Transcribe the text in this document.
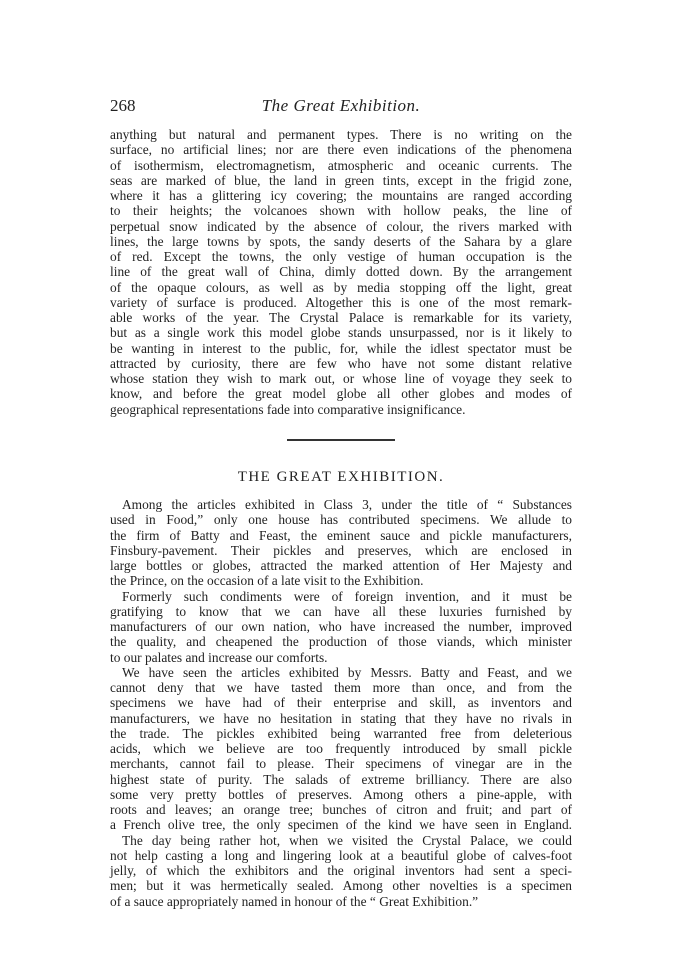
268	The Great Exhibition.
anything but natural and permanent types. There is no writing on the
surface, no artificial lines; nor are there even indications of the phenomena
of isothermism, electromagnetism, atmospheric and oceanic currents. The
seas are marked of blue, the land in green tints, except in the frigid zone,
where it has a glittering icy covering; the mountains are ranged according
to their heights; the volcanoes shown with hollow peaks, the line of
perpetual snow indicated by the absence of colour, the rivers marked with
lines, the large towns by spots, the sandy deserts of the Sahara by a glare
of red. Except the towns, the only vestige of human occupation is the
line of the great wall of China, dimly dotted down. By the arrangement
of the opaque colours, as well as by media stopping off the light, great
variety of surface is produced. Altogether this is one of the most remark-
able works of the year. The Crystal Palace is remarkable for its variety,
but as a single work this model globe stands unsurpassed, nor is it likely to
be wanting in interest to the public, for, while the idlest spectator must be
attracted by curiosity, there are few who have not some distant relative
whose station they wish to mark out, or whose line of voyage they seek to
know, and before the great model globe all other globes and modes of
geographical representations fade into comparative insignificance.
THE GREAT EXHIBITION.
Among the articles exhibited in Class 3, under the title of “ Substances
used in Food,” only one house has contributed specimens. We allude to
the firm of Batty and Feast, the eminent sauce and pickle manufacturers,
Finsbury-pavement. Their pickles and preserves, which are enclosed in
large bottles or globes, attracted the marked attention of Her Majesty and
the Prince, on the occasion of a late visit to the Exhibition.
Formerly such condiments were of foreign invention, and it must be
gratifying to know that we can have all these luxuries furnished by
manufacturers of our own nation, who have increased the number, improved
the quality, and cheapened the production of those viands, which minister
to our palates and increase our comforts.
We have seen the articles exhibited by Messrs. Batty and Feast, and we
cannot deny that we have tasted them more than once, and from the
specimens we have had of their enterprise and skill, as inventors and
manufacturers, we have no hesitation in stating that they have no rivals in
the trade. The pickles exhibited being warranted free from deleterious
acids, which we believe are too frequently introduced by small pickle
merchants, cannot fail to please. Their specimens of vinegar are in the
highest state of purity. The salads of extreme brilliancy. There are also
some very pretty bottles of preserves. Among others a pine-apple, with
roots and leaves; an orange tree; bunches of citron and fruit; and part of
a French olive tree, the only specimen of the kind we have seen in England.
The day being rather hot, when we visited the Crystal Palace, we could
not help casting a long and lingering look at a beautiful globe of calves-foot
jelly, of which the exhibitors and the original inventors had sent a speci-
men; but it was hermetically sealed. Among other novelties is a specimen
of a sauce appropriately named in honour of the “ Great Exhibition.”
